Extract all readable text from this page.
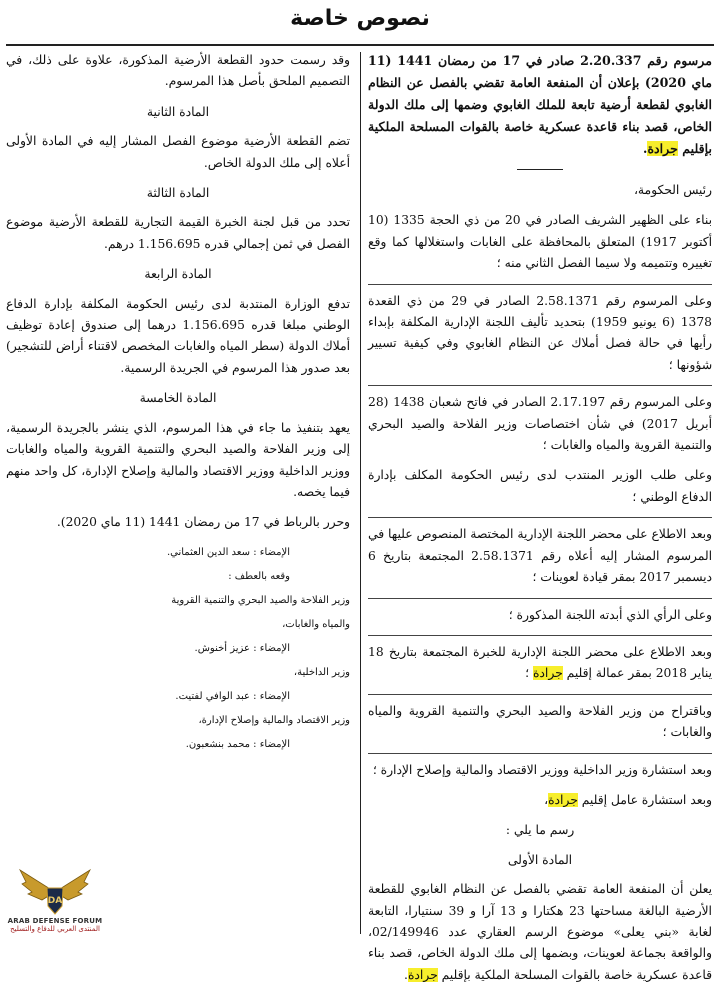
نصوص خاصة

مرسوم رقم 2.20.337 صادر في 17 من رمضان 1441 (11 ماي 2020) بإعلان أن المنفعة العامة تقضي بالفصل عن النظام الغابوي لقطعة أرضية تابعة للملك الغابوي وضمها إلى ملك الدولة الخاص، قصد بناء قاعدة عسكرية خاصة بالقوات المسلحة الملكية بإقليم جرادة.

رئيس الحكومة،

بناء على الظهير الشريف الصادر في 20 من ذي الحجة 1335 (10 أكتوبر 1917) المتعلق بالمحافظة على الغابات واستغلالها كما وقع تغييره وتتميمه ولا سيما الفصل الثاني منه ؛

وعلى المرسوم رقم 2.58.1371 الصادر في 29 من ذي القعدة 1378 (6 يونيو 1959) بتحديد تأليف اللجنة الإدارية المكلفة بإبداء رأيها في حالة فصل أملاك عن النظام الغابوي وفي كيفية تسيير شؤونها ؛

وعلى المرسوم رقم 2.17.197 الصادر في فاتح شعبان 1438 (28 أبريل 2017) في شأن اختصاصات وزير الفلاحة والصيد البحري والتنمية القروية والمياه والغابات ؛

وعلى طلب الوزير المنتدب لدى رئيس الحكومة المكلف بإدارة الدفاع الوطني ؛

وبعد الاطلاع على محضر اللجنة الإدارية المختصة المنصوص عليها في المرسوم المشار إليه أعلاه رقم 2.58.1371 المجتمعة بتاريخ 6 ديسمبر 2017 بمقر قيادة لعوينات ؛

وعلى الرأي الذي أبدته اللجنة المذكورة ؛

وبعد الاطلاع على محضر اللجنة الإدارية للخبرة المجتمعة بتاريخ 18 يناير 2018 بمقر عمالة إقليم جرادة ؛

وباقتراح من وزير الفلاحة والصيد البحري والتنمية القروية والمياه والغابات ؛

وبعد استشارة وزير الداخلية ووزير الاقتصاد والمالية وإصلاح الإدارة ؛

وبعد استشارة عامل إقليم جرادة،

رسم ما يلي :

المادة الأولى

يعلن أن المنفعة العامة تقضي بالفصل عن النظام الغابوي للقطعة الأرضية البالغة مساحتها 23 هكتارا و 13 آرا و 39 سنتيارا، التابعة لغابة «بني يعلى» موضوع الرسم العقاري عدد 02/149946، والواقعة بجماعة لعوينات، وبضمها إلى ملك الدولة الخاص، قصد بناء قاعدة عسكرية خاصة بالقوات المسلحة الملكية بإقليم جرادة.

وقد رسمت حدود القطعة الأرضية المذكورة، علاوة على ذلك، في التصميم الملحق بأصل هذا المرسوم.

المادة الثانية

تضم القطعة الأرضية موضوع الفصل المشار إليه في المادة الأولى أعلاه إلى ملك الدولة الخاص.

المادة الثالثة

تحدد من قبل لجنة الخبرة القيمة التجارية للقطعة الأرضية موضوع الفصل في ثمن إجمالي قدره 1.156.695 درهم.

المادة الرابعة

تدفع الوزارة المنتدبة لدى رئيس الحكومة المكلفة بإدارة الدفاع الوطني مبلغا قدره 1.156.695 درهما إلى صندوق إعادة توظيف أملاك الدولة (سطر المياه والغابات المخصص لاقتناء أراض للتشجير) بعد صدور هذا المرسوم في الجريدة الرسمية.

المادة الخامسة

يعهد بتنفيذ ما جاء في هذا المرسوم، الذي ينشر بالجريدة الرسمية، إلى وزير الفلاحة والصيد البحري والتنمية القروية والمياه والغابات ووزير الداخلية ووزير الاقتصاد والمالية وإصلاح الإدارة، كل واحد منهم فيما يخصه.

وحرر بالرباط في 17 من رمضان 1441 (11 ماي 2020).

الإمضاء : سعد الدين العثماني.

وقعه بالعطف :

وزير الفلاحة والصيد البحري والتنمية القروية

والمياه والغابات،

الإمضاء : عزيز أخنوش.

وزير الداخلية،

الإمضاء : عبد الوافي لفتيت.

وزير الاقتصاد والمالية وإصلاح الإدارة،

الإمضاء : محمد بنشعبون.

DA
ARAB DEFENSE FORUM
المنتدى العربي للدفاع والتسليح
